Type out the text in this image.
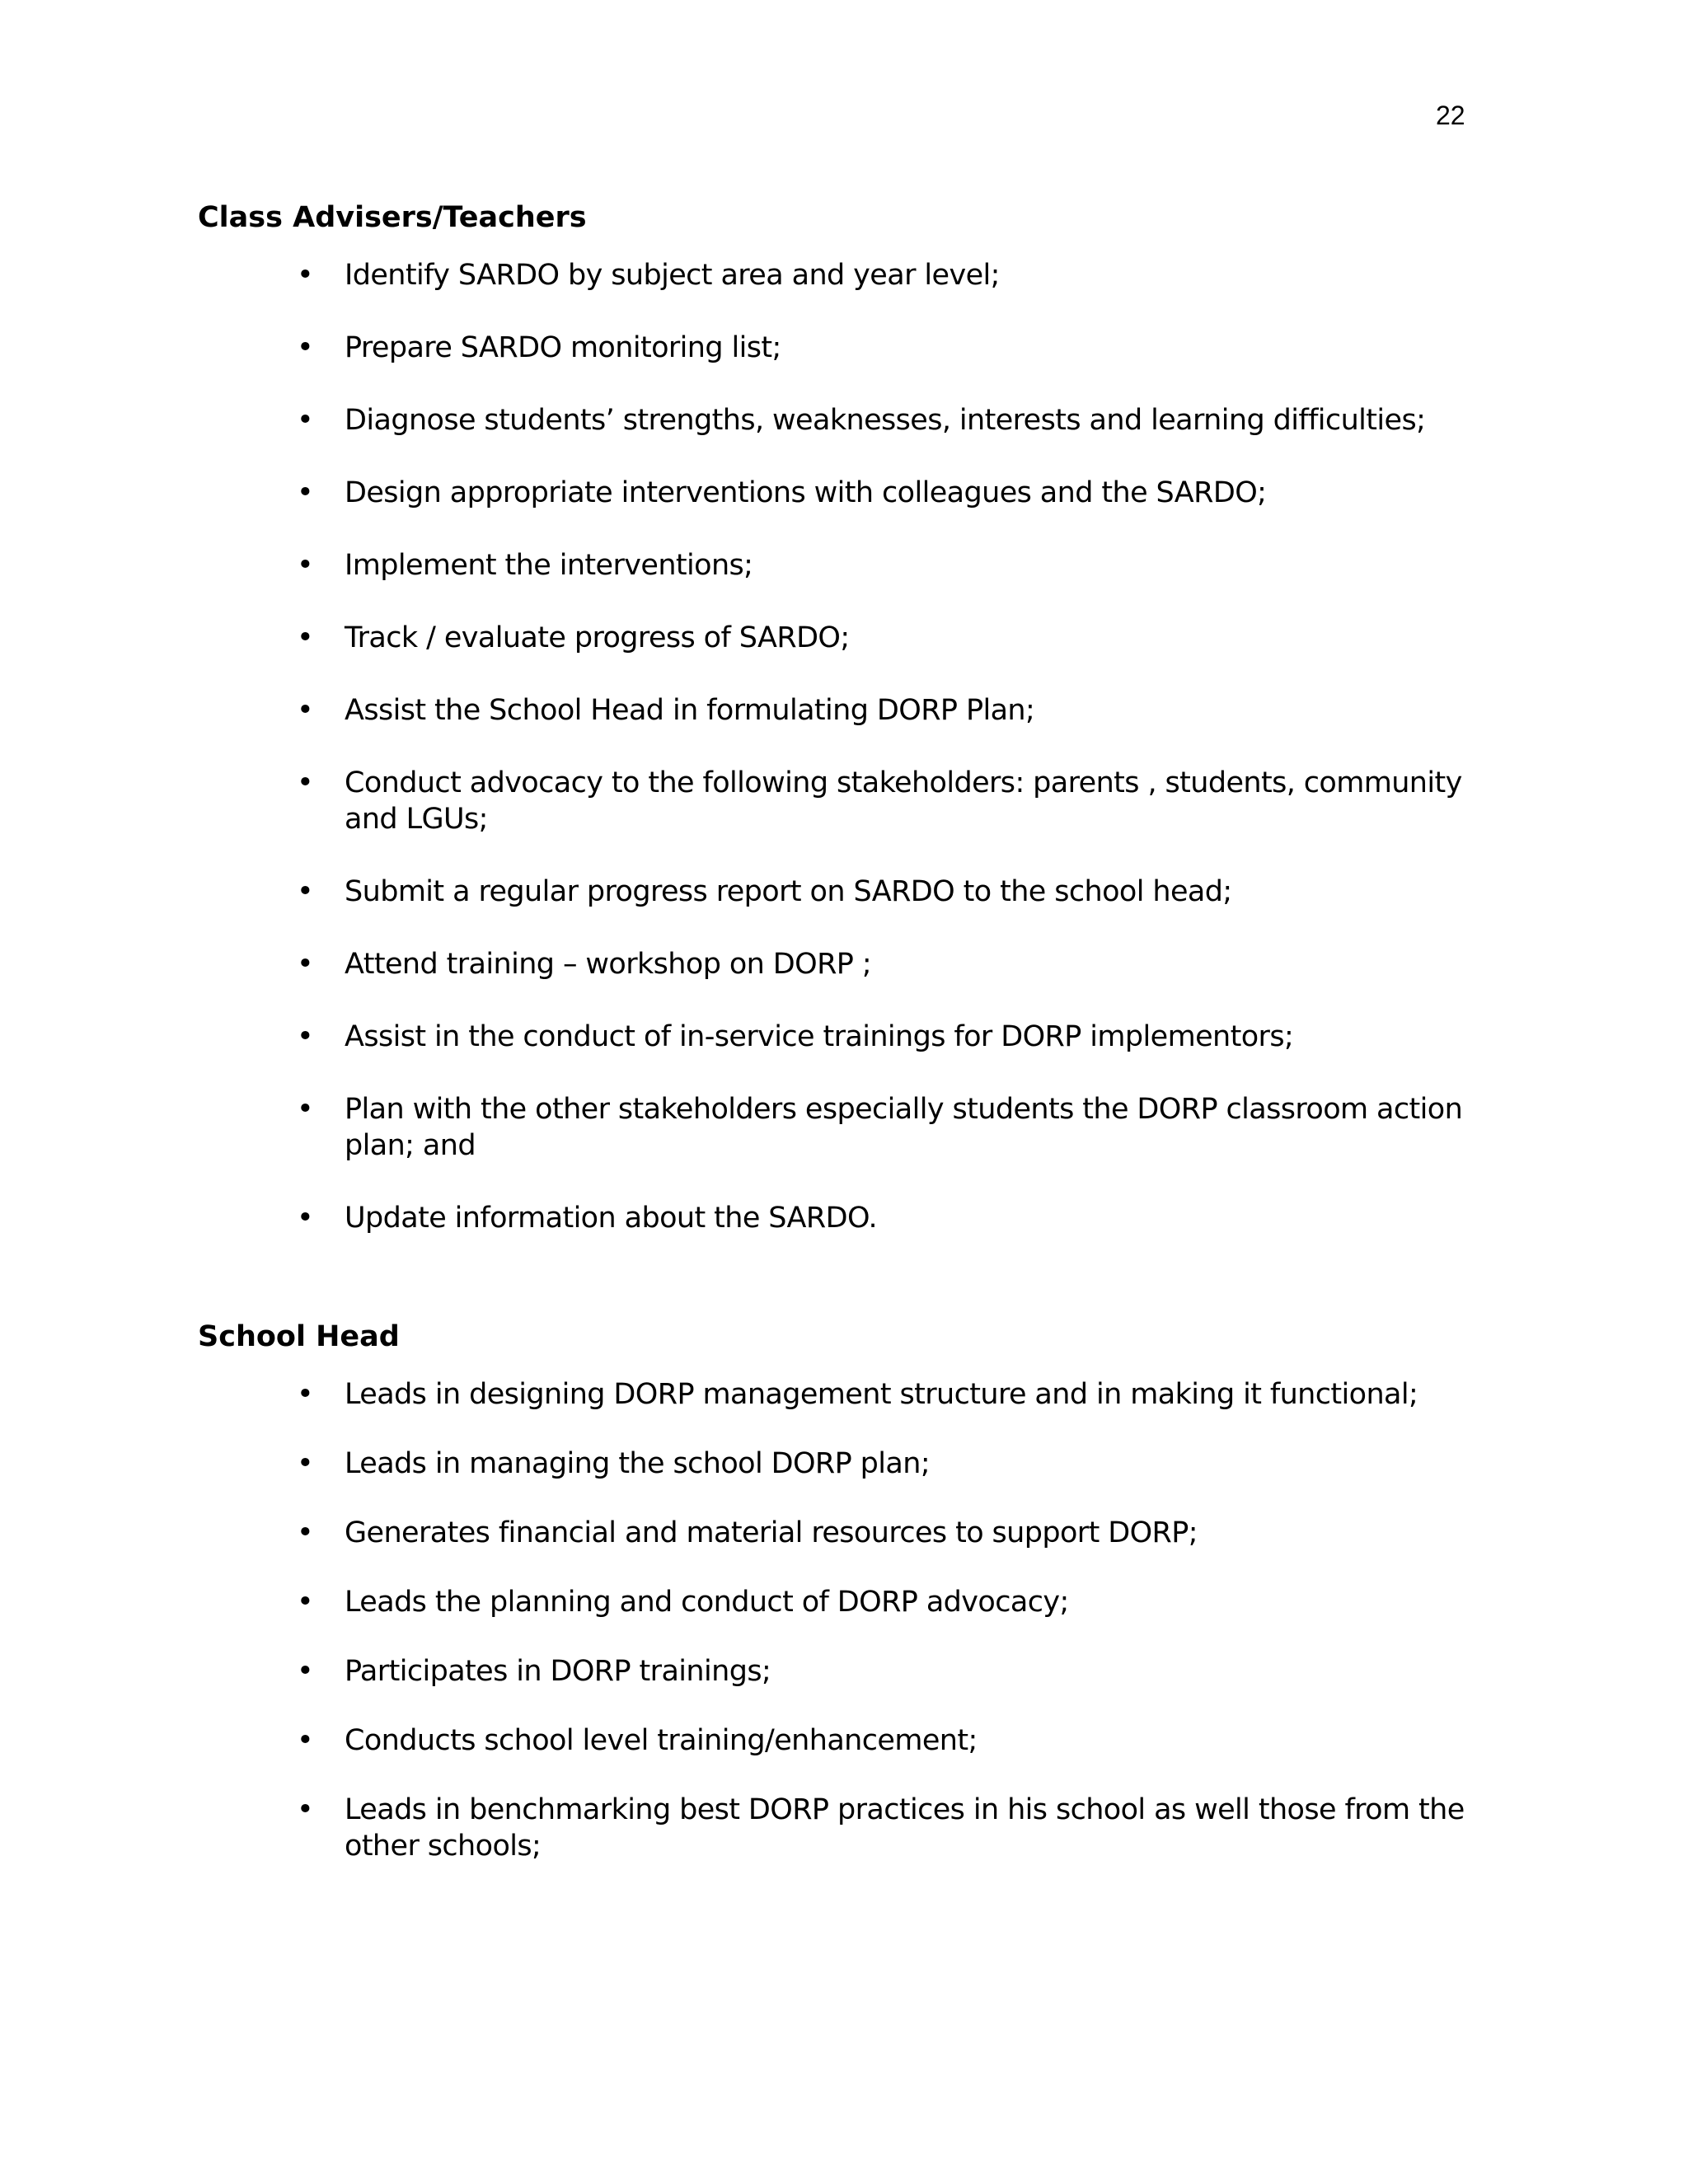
22
Class Advisers/Teachers
• Identify SARDO by subject area and year level;
• Prepare SARDO monitoring list;
• Diagnose students’ strengths, weaknesses, interests and learning difficulties;
• Design appropriate interventions with colleagues and the SARDO;
• Implement the interventions;
• Track / evaluate progress of SARDO;
• Assist the School Head in formulating DORP Plan;
• Conduct advocacy to the following stakeholders: parents , students, community and LGUs;
• Submit a regular progress report on SARDO to the school head;
• Attend training – workshop on DORP ;
• Assist in the conduct of in-service trainings for DORP implementors;
• Plan with the other stakeholders especially students the DORP classroom action plan; and
• Update information about the SARDO.
School Head
• Leads in designing DORP management structure and in making it functional;
• Leads in managing the school DORP plan;
• Generates financial and material resources to support DORP;
• Leads the planning and conduct of DORP advocacy;
• Participates in DORP trainings;
• Conducts school level training/enhancement;
• Leads in benchmarking best DORP practices in his school as well those from the other schools;
